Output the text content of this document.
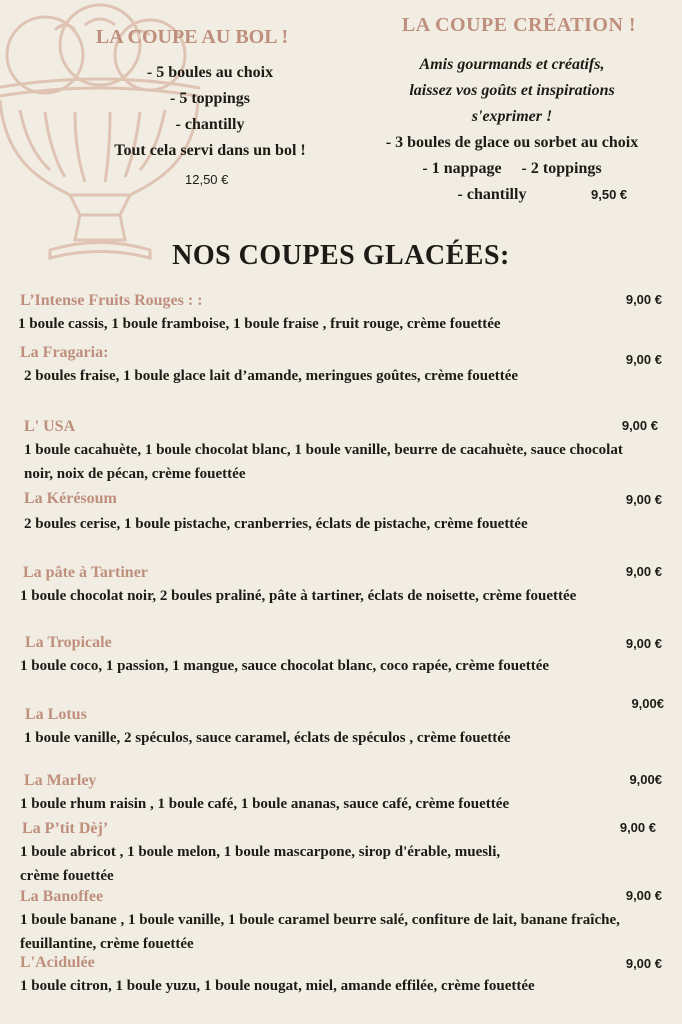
LA COUPE AU BOL !
- 5 boules au choix
- 5 toppings
- chantilly
Tout cela servi dans un bol !
12,50 €
LA COUPE CRÉATION !
Amis gourmands et créatifs,
laissez vos goûts et inspirations
s'exprimer !
- 3 boules de glace ou sorbet au choix
- 1 nappage     - 2 toppings
- chantilly	9,50 €
NOS COUPES GLACÉES:
L’Intense Fruits Rouges : :
1 boule cassis, 1 boule framboise, 1 boule fraise , fruit rouge, crème fouettée
9,00 €
La Fragaria:
2 boules fraise, 1 boule glace lait d’amande, meringues goûtes, crème fouettée
9,00 €
L' USA
1 boule cacahuète, 1 boule chocolat blanc, 1 boule vanille, beurre de cacahuète, sauce chocolat noir, noix de pécan, crème fouettée
9,00 €
La Kérésoum
2 boules cerise, 1 boule pistache, cranberries, éclats de pistache, crème fouettée
9,00 €
La pâte à Tartiner
1 boule chocolat noir, 2 boules praliné, pâte à tartiner, éclats de noisette, crème fouettée
9,00 €
La Tropicale
1 boule coco, 1 passion, 1 mangue, sauce chocolat blanc, coco rapée, crème fouettée
9,00 €
La Lotus
1 boule vanille, 2 spéculos, sauce caramel, éclats de spéculos , crème fouettée
9,00€
La Marley
1 boule rhum raisin , 1 boule café, 1 boule ananas, sauce café, crème fouettée
9,00€
La P’tit Dèj’
1 boule abricot , 1 boule melon, 1 boule mascarpone, sirop d'érable, muesli, crème fouettée
9,00 €
La Banoffee
1 boule banane , 1 boule vanille, 1 boule caramel beurre salé, confiture de lait, banane fraîche, feuillantine, crème fouettée
9,00 €
L'Acidulée
1 boule citron, 1 boule yuzu, 1 boule nougat, miel, amande effilée, crème fouettée
9,00 €
